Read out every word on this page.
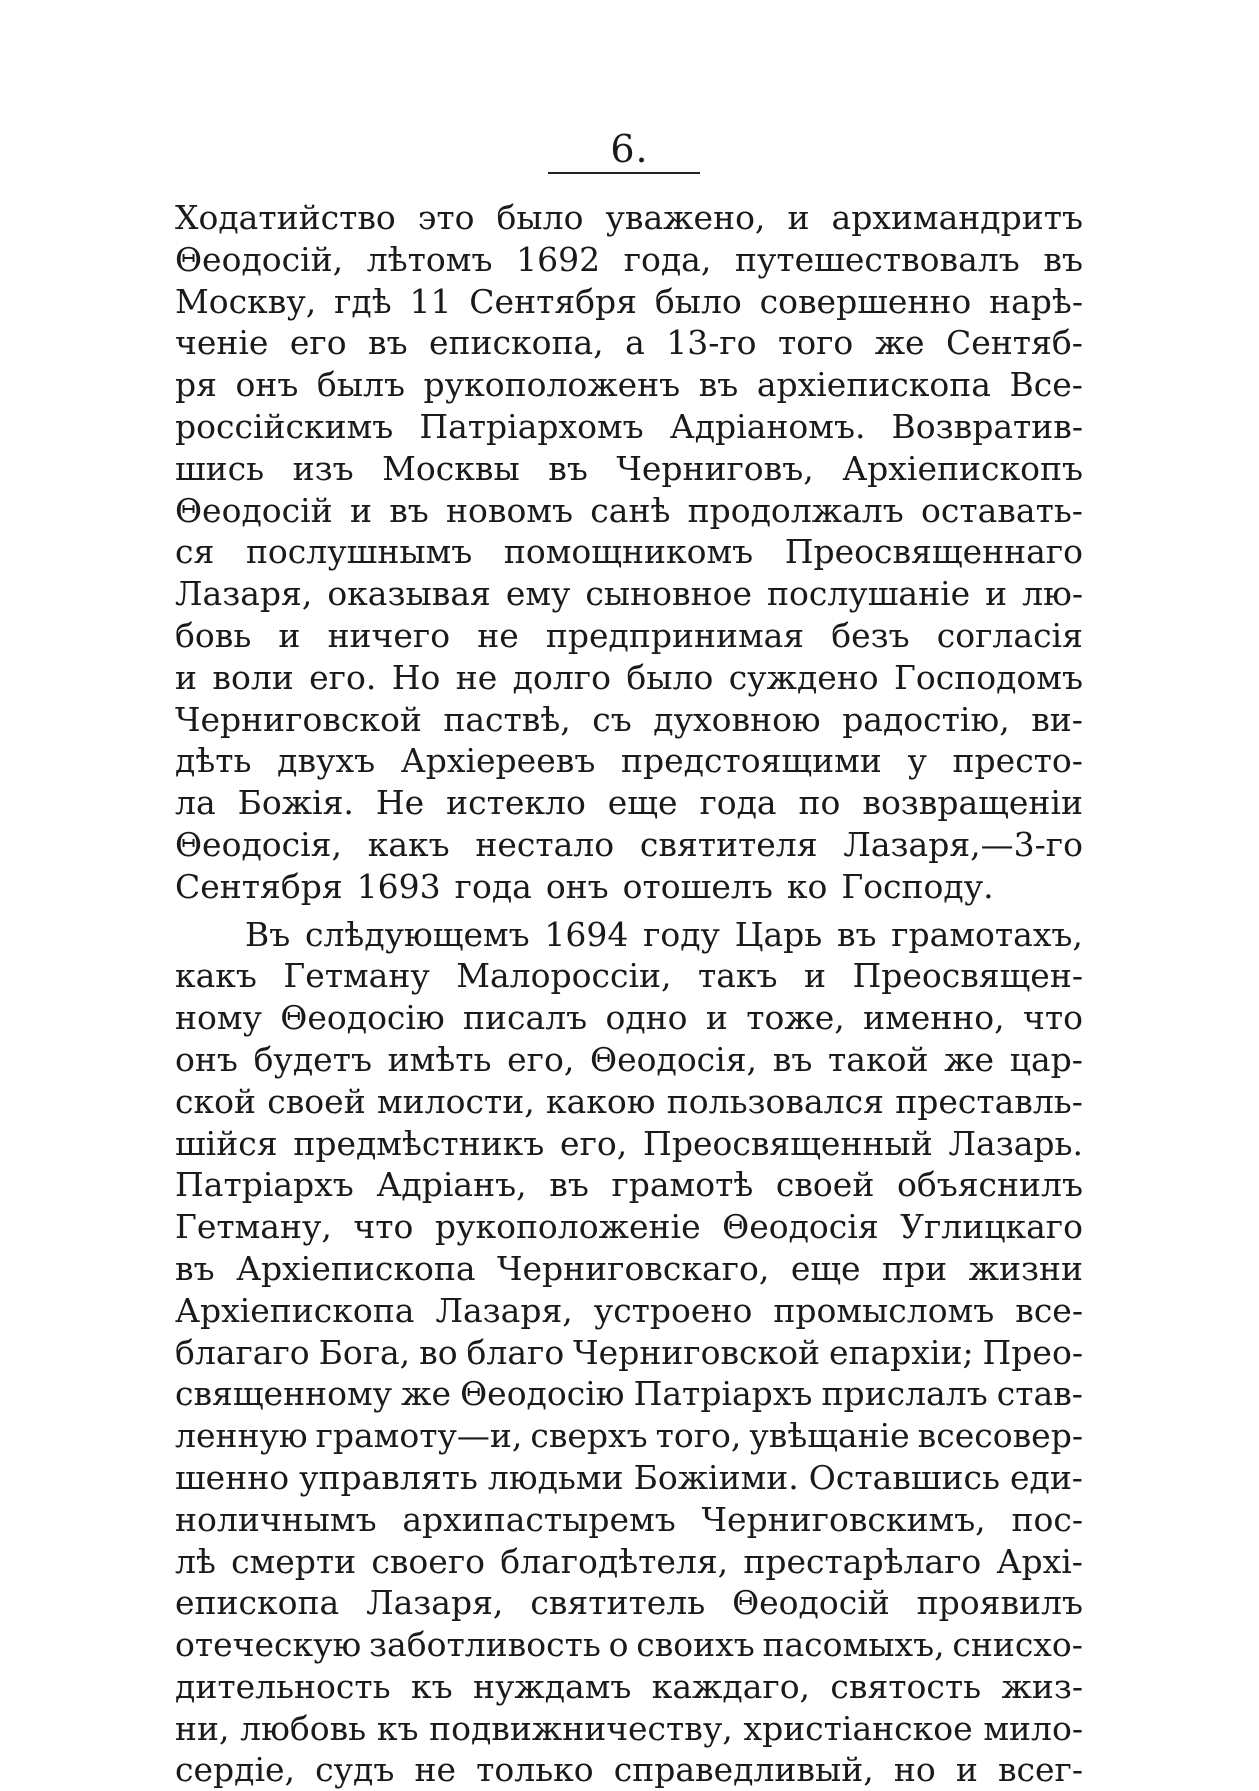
6.
Ходатийство это было уважено, и архимандритъ
Θеодосій, лѣтомъ 1692 года, путешествовалъ въ
Москву, гдѣ 11 Сентября было совершенно нарѣ-
ченіе его въ епископа, а 13-го того же Сентяб-
ря онъ былъ рукоположенъ въ архіепископа Все-
россійскимъ Патріархомъ Адріаномъ. Возвратив-
шись изъ Москвы въ Черниговъ, Архіепископъ
Θеодосій и въ новомъ санѣ продолжалъ оставать-
ся послушнымъ помощникомъ Преосвященнаго
Лазаря, оказывая ему сыновное послушаніе и лю-
бовь и ничего не предпринимая безъ согласія
и воли его. Но не долго было суждено Господомъ
Черниговской паствѣ, съ духовною радостію, ви-
дѣть двухъ Архіереевъ предстоящими у престо-
ла Божія. Не истекло еще года по возвращеніи
Θеодосія, какъ нестало святителя Лазаря,—3-го
Сентября 1693 года онъ отошелъ ко Господу.
Въ слѣдующемъ 1694 году Царь въ грамотахъ,
какъ Гетману Малороссіи, такъ и Преосвящен-
ному Θеодосію писалъ одно и тоже, именно, что
онъ будетъ имѣть его, Θеодосія, въ такой же цар-
ской своей милости, какою пользовался преставль-
шійся предмѣстникъ его, Преосвященный Лазарь.
Патріархъ Адріанъ, въ грамотѣ своей объяснилъ
Гетману, что рукоположеніе Θеодосія Углицкаго
въ Архіепископа Черниговскаго, еще при жизни
Архіепископа Лазаря, устроено промысломъ все-
благаго Бога, во благо Черниговской епархіи; Прео-
священному же Θеодосію Патріархъ прислалъ став-
ленную грамоту—и, сверхъ того, увѣщаніе всесовер-
шенно управлять людьми Божіими. Оставшись еди-
ноличнымъ архипастыремъ Черниговскимъ, пос-
лѣ смерти своего благодѣтеля, престарѣлаго Архі-
епископа Лазаря, святитель Θеодосій проявилъ
отеческую заботливость о своихъ пасомыхъ, снисхо-
дительность къ нуждамъ каждаго, святость жиз-
ни, любовь къ подвижничеству, христіанское мило-
сердіе, судъ не только справедливый, но и всег-
